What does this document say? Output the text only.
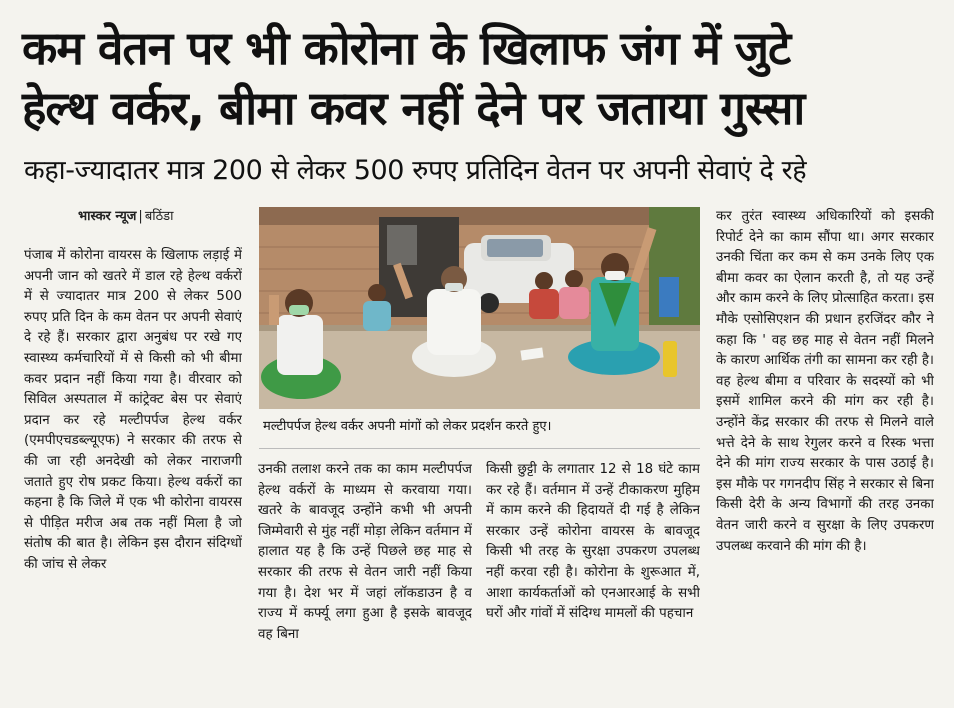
कम वेतन पर भी कोरोना के खिलाफ जंग में जुटे
हेल्थ वर्कर, बीमा कवर नहीं देने पर जताया गुस्सा
कहा-ज्यादातर मात्र 200 से लेकर 500 रुपए प्रतिदिन वेतन पर अपनी सेवाएं दे रहे
भास्कर न्यूज | बठिंडा
पंजाब में कोरोना वायरस के खिलाफ लड़ाई में अपनी जान को खतरे में डाल रहे हेल्थ वर्करों में से ज्यादातर मात्र 200 से लेकर 500 रुपए प्रति दिन के कम वेतन पर अपनी सेवाएं दे रहे हैं। सरकार द्वारा अनुबंध पर रखे गए स्वास्थ्य कर्मचारियों में से किसी को भी बीमा कवर प्रदान नहीं किया गया है। वीरवार को सिविल अस्पताल में कांट्रेक्ट बेस पर सेवाएं प्रदान कर रहे मल्टीपर्पज हेल्थ वर्कर (एमपीएचडब्ल्यूएफ) ने सरकार की तरफ से की जा रही अनदेखी को लेकर नाराजगी जताते हुए रोष प्रकट किया। हेल्थ वर्करों का कहना है कि जिले में एक भी कोरोना वायरस से पीड़ित मरीज अब तक नहीं मिला है जो संतोष की बात है। लेकिन इस दौरान संदिग्धों की जांच से लेकर
मल्टीपर्पज हेल्थ वर्कर अपनी मांगों को लेकर प्रदर्शन करते हुए।
उनकी तलाश करने तक का काम मल्टीपर्पज हेल्थ वर्करों के माध्यम से करवाया गया। खतरे के बावजूद उन्होंने कभी भी अपनी जिम्मेवारी से मुंह नहीं मोड़ा लेकिन वर्तमान में हालात यह है कि उन्हें पिछले छह माह से सरकार की तरफ से वेतन जारी नहीं किया गया है। देश भर में जहां लॉकडाउन है व राज्य में कर्फ्यू लगा हुआ है इसके बावजूद वह बिना
किसी छुट्टी के लगातार 12 से 18 घंटे काम कर रहे हैं। वर्तमान में उन्हें टीकाकरण मुहिम में काम करने की हिदायतें दी गई है लेकिन सरकार उन्हें कोरोना वायरस के बावजूद किसी भी तरह के सुरक्षा उपकरण उपलब्ध नहीं करवा रही है। कोरोना के शुरूआत में, आशा कार्यकर्ताओं को एनआरआई के सभी घरों और गांवों में संदिग्ध मामलों की पहचान
कर तुरंत स्वास्थ्य अधिकारियों को इसकी रिपोर्ट देने का काम सौंपा था। अगर सरकार उनकी चिंता कर कम से कम उनके लिए एक बीमा कवर का ऐलान करती है, तो यह उन्हें और काम करने के लिए प्रोत्साहित करता। इस मौके एसोसिएशन की प्रधान हरजिंदर कौर ने कहा कि ' वह छह माह से वेतन नहीं मिलने के कारण आर्थिक तंगी का सामना कर रही है। वह हेल्थ बीमा व परिवार के सदस्यों को भी इसमें शामिल करने की मांग कर रही है। उन्होंने केंद्र सरकार की तरफ से मिलने वाले भत्ते देने के साथ रेगुलर करने व रिस्क भत्ता देने की मांग राज्य सरकार के पास उठाई है। इस मौके पर गगनदीप सिंह ने सरकार से बिना किसी देरी के अन्य विभागों की तरह उनका वेतन जारी करने व सुरक्षा के लिए उपकरण उपलब्ध करवाने की मांग की है।
